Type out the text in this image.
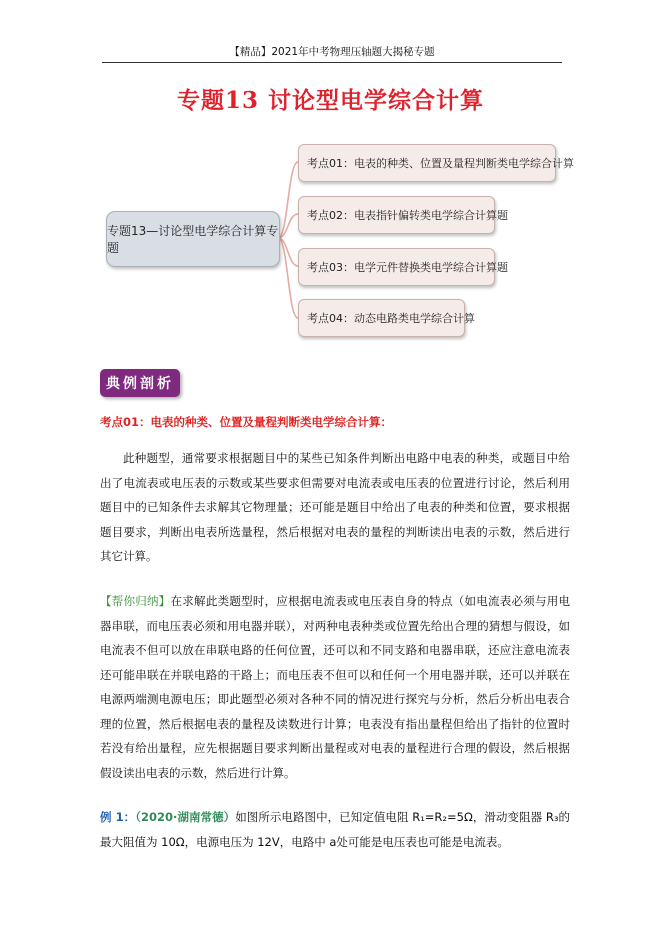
【精品】2021年中考物理压轴题大揭秘专题
专题13 讨论型电学综合计算
专题13—讨论型电学综合计算专题
考点01：电表的种类、位置及量程判断类电学综合计算
考点02：电表指针偏转类电学综合计算题
考点03：电学元件替换类电学综合计算题
考点04：动态电路类电学综合计算
典例剖析
考点01：电表的种类、位置及量程判断类电学综合计算：

此种题型，通常要求根据题目中的某些已知条件判断出电路中电表的种类，或题目中给出了电流表或电压表的示数或某些要求但需要对电流表或电压表的位置进行讨论，然后利用题目中的已知条件去求解其它物理量；还可能是题目中给出了电表的种类和位置，要求根据题目要求，判断出电表所选量程，然后根据对电表的量程的判断读出电表的示数，然后进行其它计算。

【帮你归纳】在求解此类题型时，应根据电流表或电压表自身的特点（如电流表必须与用电器串联，而电压表必须和用电器并联），对两种电表种类或位置先给出合理的猜想与假设，如电流表不但可以放在串联电路的任何位置，还可以和不同支路和电器串联，还应注意电流表还可能串联在并联电路的干路上；而电压表不但可以和任何一个用电器并联，还可以并联在电源两端测电源电压；即此题型必须对各种不同的情况进行探究与分析，然后分析出电表合理的位置，然后根据电表的量程及读数进行计算；电表没有指出量程但给出了指针的位置时若没有给出量程，应先根据题目要求判断出量程或对电表的量程进行合理的假设，然后根据假设读出电表的示数，然后进行计算。

例 1：（2020·湖南常德）如图所示电路图中，已知定值电阻 R₁=R₂=5Ω，滑动变阻器 R₃的最大阻值为 10Ω，电源电压为 12V，电路中 a处可能是电压表也可能是电流表。
